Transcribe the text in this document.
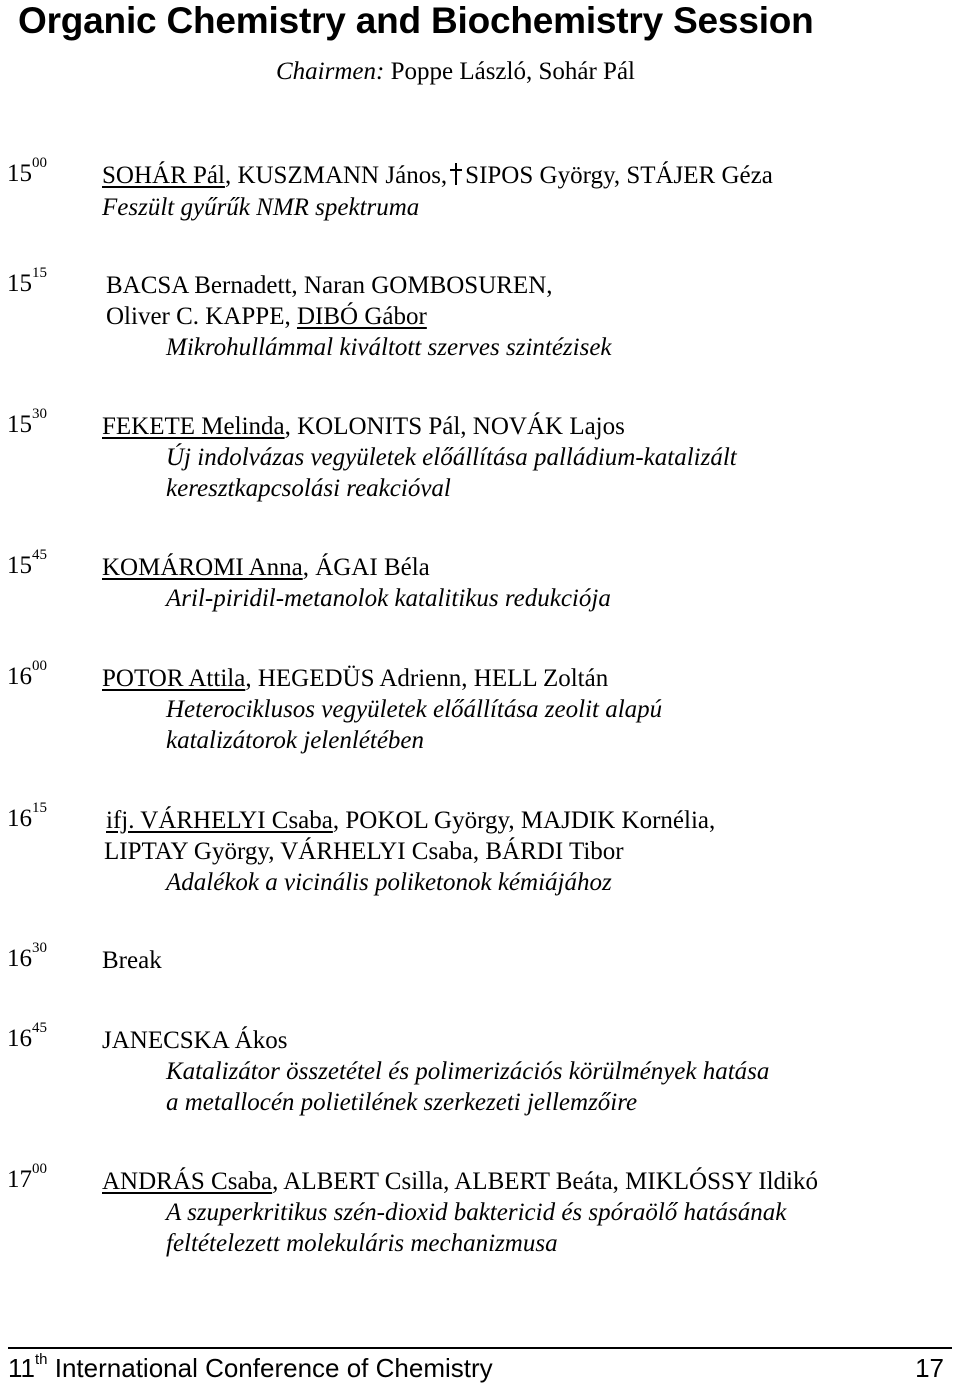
Organic Chemistry and Biochemistry Session
Chairmen: Poppe László, Sohár Pál
$15^{00}$ SOHÁR Pál, KUSZMANN János, SIPOS György, STÁJER Géza
Feszült gyűrűk NMR spektruma
$15^{15}$ BACSA Bernadett, Naran GOMBOSUREN,
Oliver C. KAPPE, DIBÓ Gábor
Mikrohullámmal kiváltott szerves szintézisek
$15^{30}$ FEKETE Melinda, KOLONITS Pál, NOVÁK Lajos
Új indolvázas vegyületek előállítása palládium-katalizált
keresztkapcsolási reakcióval
$15^{45}$ KOMÁROMI Anna, ÁGAI Béla
Aril-piridil-metanolok katalitikus redukciója
$16^{00}$ POTOR Attila, HEGEDÜS Adrienn, HELL Zoltán
Heterociklusos vegyületek előállítása zeolit alapú
katalizátorok jelenlétében
$16^{15}$ ifj. VÁRHELYI Csaba, POKOL György, MAJDIK Kornélia,
LIPTAY György, VÁRHELYI Csaba, BÁRDI Tibor
Adalékok a vicinális poliketonok kémiájához
$16^{30}$ Break
$16^{45}$ JANECSKA Ákos
Katalizátor összetétel és polimerizációs körülmények hatása
a metallocén polietilének szerkezeti jellemzőire
$17^{00}$ ANDRÁS Csaba, ALBERT Csilla, ALBERT Beáta, MIKLÓSSY Ildikó
A szuperkritikus szén-dioxid baktericid és spóraölő hatásának
feltételezett molekuláris mechanizmusa
11th International Conference of Chemistry	17
